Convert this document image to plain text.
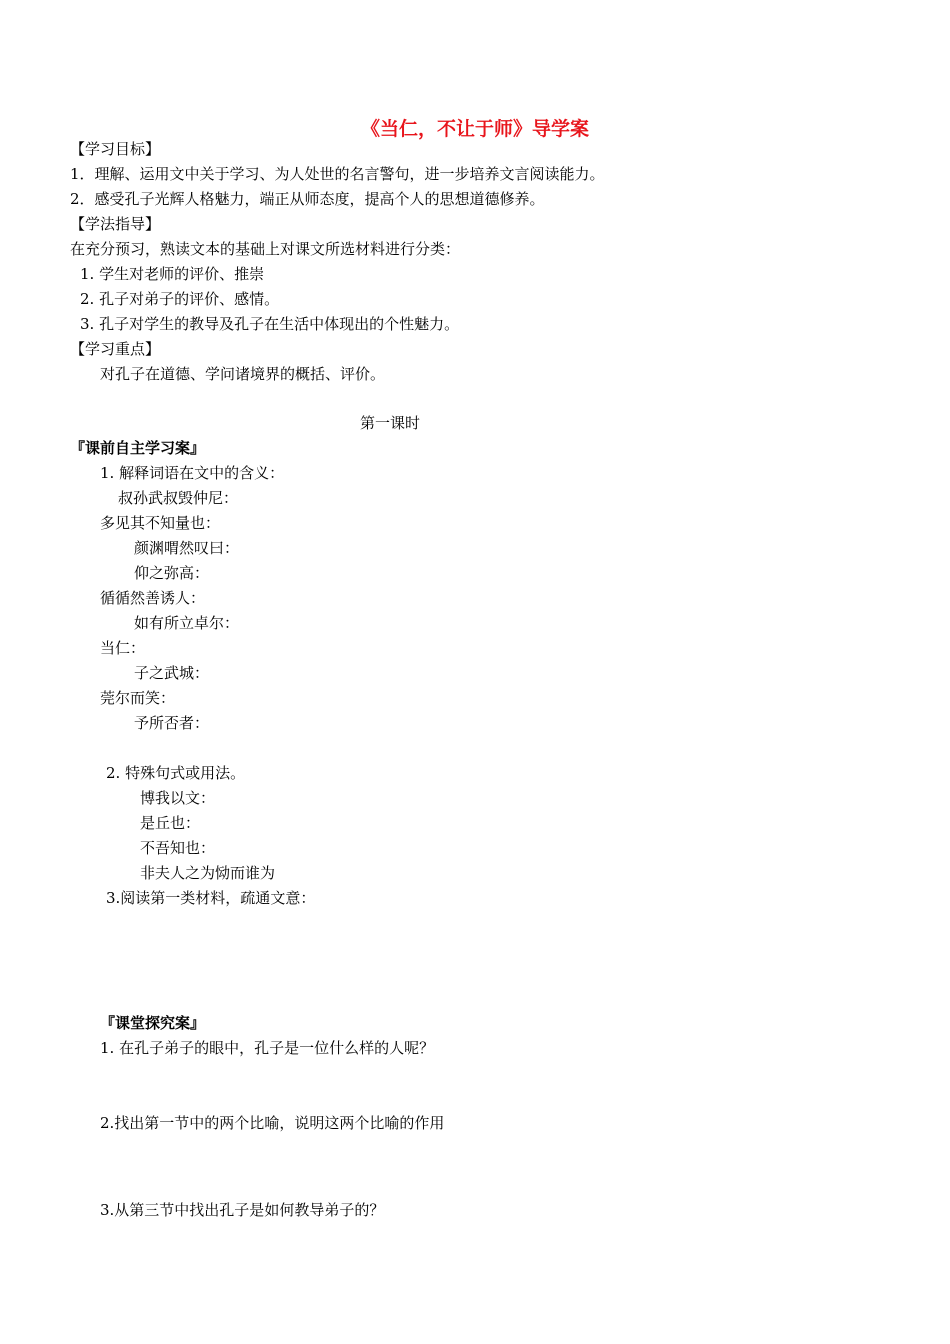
《当仁，不让于师》导学案
【学习目标】
1．理解、运用文中关于学习、为人处世的名言警句，进一步培养文言阅读能力。
2．感受孔子光辉人格魅力，端正从师态度，提高个人的思想道德修养。
【学法指导】
在充分预习，熟读文本的基础上对课文所选材料进行分类：
1. 学生对老师的评价、推崇
2. 孔子对弟子的评价、感情。
3. 孔子对学生的教导及孔子在生活中体现出的个性魅力。
【学习重点】
对孔子在道德、学问诸境界的概括、评价。
第一课时
『课前自主学习案』
1. 解释词语在文中的含义：
叔孙武叔毁仲尼：
多见其不知量也：
颜渊喟然叹曰：
仰之弥高：
循循然善诱人：
如有所立卓尔：
当仁：
子之武城：
莞尔而笑：
予所否者：
2. 特殊句式或用法。
博我以文：
是丘也：
不吾知也：
非夫人之为恸而谁为
3.阅读第一类材料，疏通文意：
『课堂探究案』
1. 在孔子弟子的眼中，孔子是一位什么样的人呢？
2.找出第一节中的两个比喻，说明这两个比喻的作用
3.从第三节中找出孔子是如何教导弟子的？
